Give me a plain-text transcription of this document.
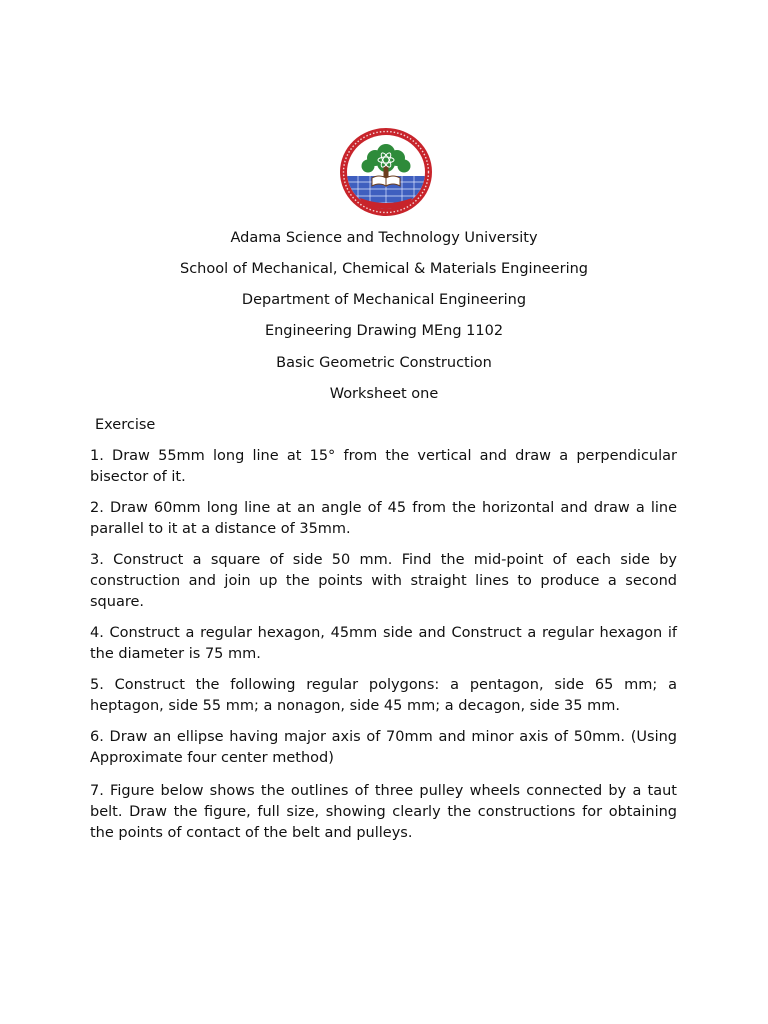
Adama Science and Technology University
School of Mechanical, Chemical & Materials Engineering
Department of Mechanical Engineering
Engineering Drawing MEng 1102
Basic Geometric Construction
Worksheet one
Exercise

1. Draw 55mm long line at 15° from the vertical and draw a perpendicular bisector of it.

2. Draw 60mm long line at an angle of 45 from the horizontal and draw a line parallel to it at a distance of 35mm.

3. Construct a square of side 50 mm. Find the mid-point of each side by construction and join up the points with straight lines to produce a second square.

4. Construct a regular hexagon, 45mm side and Construct a regular hexagon if the diameter is 75 mm.

5. Construct the following regular polygons: a pentagon, side 65 mm; a heptagon, side 55 mm; a nonagon, side 45 mm; a decagon, side 35 mm.

6. Draw an ellipse having major axis of 70mm and minor axis of 50mm. (Using Approximate four center method)

7. Figure below shows the outlines of three pulley wheels connected by a taut belt. Draw the figure, full size, showing clearly the constructions for obtaining the points of contact of the belt and pulleys.
